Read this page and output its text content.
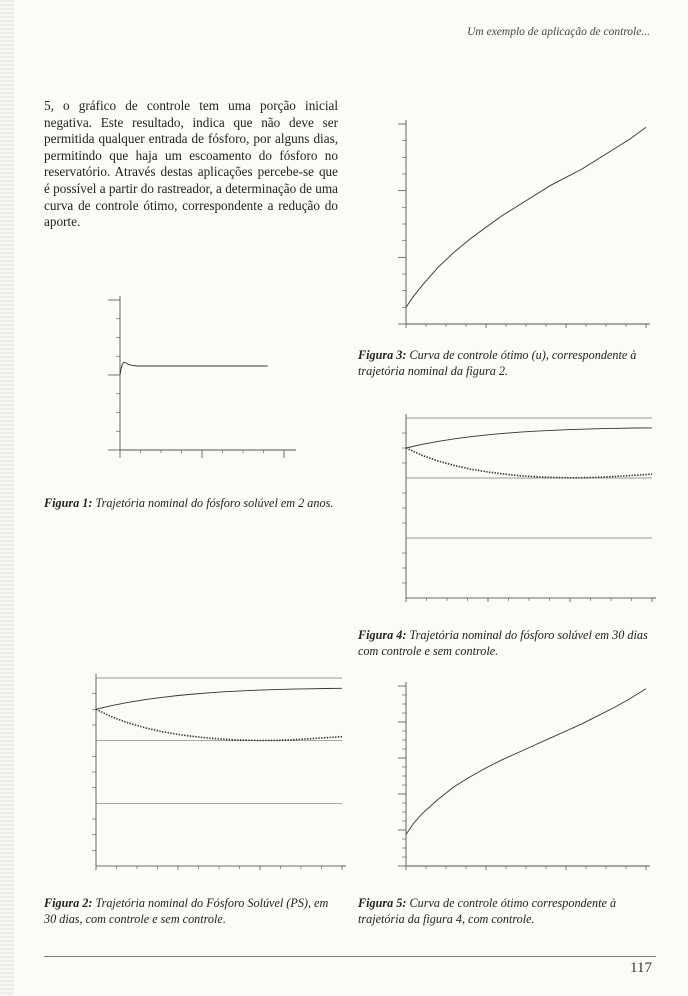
Um exemplo de aplicação de controle...
5, o gráfico de controle tem uma porção inicial negativa. Este resultado, indica que não deve ser permitida qualquer entrada de fósforo, por alguns dias, permitindo que haja um escoamento do fósforo no reservatório. Através destas aplicações percebe-se que é possível a partir do rastreador, a determinação de uma curva de controle ótimo, correspondente a redução do aporte.
Figura 1: Trajetória nominal do fósforo solúvel em 2 anos.
Figura 2: Trajetória nominal do Fósforo Solúvel (PS), em 30 dias, com controle e sem controle.
Figura 3: Curva de controle ótimo (u), correspondente à trajetória nominal da figura 2.
Figura 4: Trajetória nominal do fósforo solúvel em 30 dias com controle e sem controle.
Figura 5: Curva de controle ótimo correspondente à trajetória da figura 4, com controle.
117
